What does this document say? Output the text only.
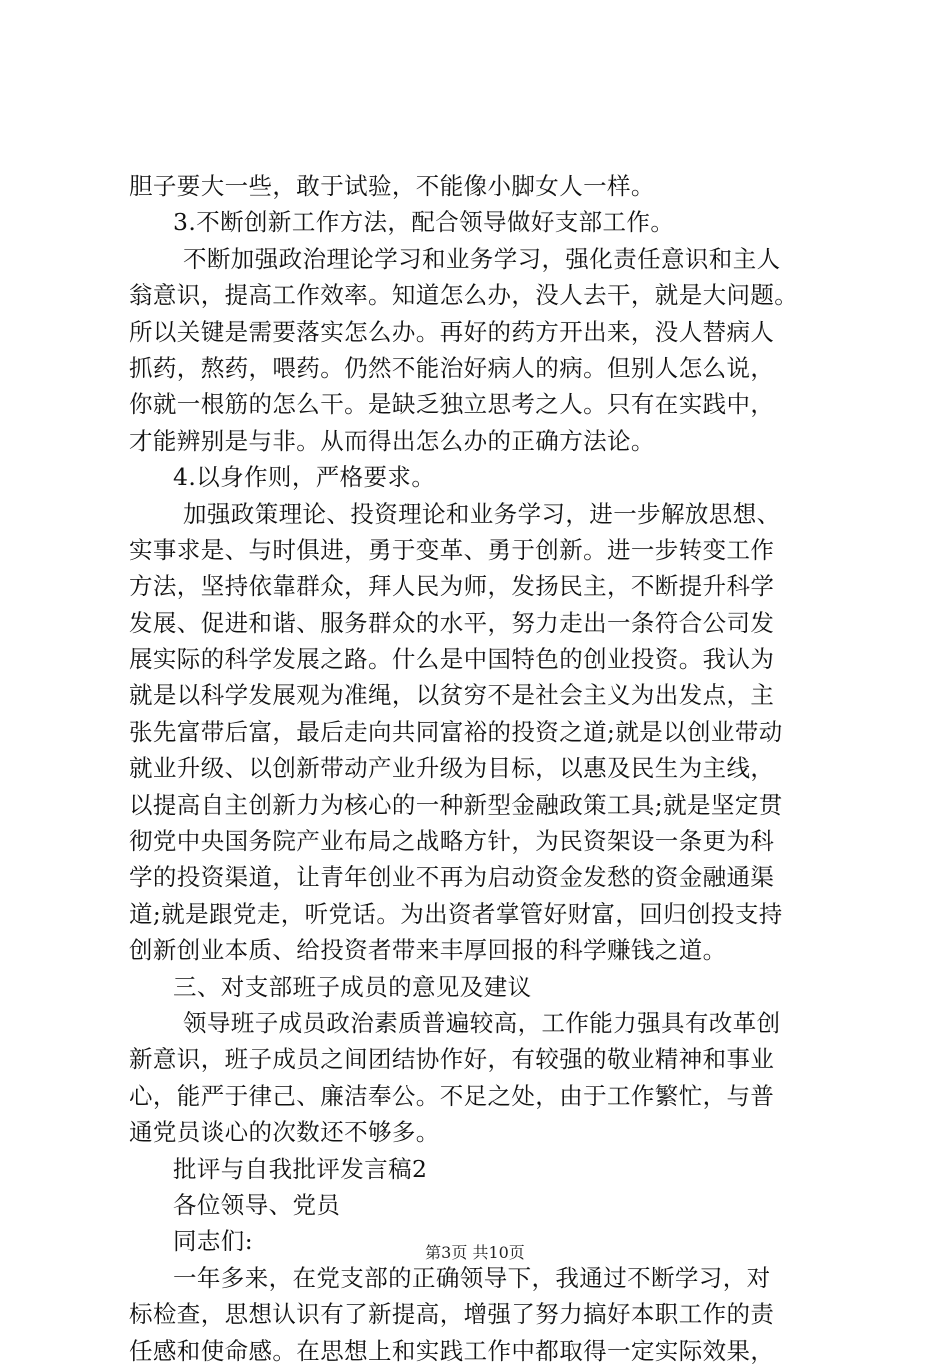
胆子要大一些，敢于试验，不能像小脚女人一样。
3.不断创新工作方法，配合领导做好支部工作。
不断加强政治理论学习和业务学习，强化责任意识和主人
翁意识，提高工作效率。知道怎么办，没人去干，就是大问题。
所以关键是需要落实怎么办。再好的药方开出来，没人替病人
抓药，熬药，喂药。仍然不能治好病人的病。但别人怎么说，
你就一根筋的怎么干。是缺乏独立思考之人。只有在实践中，
才能辨别是与非。从而得出怎么办的正确方法论。
4.以身作则，严格要求。
加强政策理论、投资理论和业务学习，进一步解放思想、
实事求是、与时俱进，勇于变革、勇于创新。进一步转变工作
方法，坚持依靠群众，拜人民为师，发扬民主，不断提升科学
发展、促进和谐、服务群众的水平，努力走出一条符合公司发
展实际的科学发展之路。什么是中国特色的创业投资。我认为
就是以科学发展观为准绳，以贫穷不是社会主义为出发点，主
张先富带后富，最后走向共同富裕的投资之道;就是以创业带动
就业升级、以创新带动产业升级为目标，以惠及民生为主线，
以提高自主创新力为核心的一种新型金融政策工具;就是坚定贯
彻党中央国务院产业布局之战略方针，为民资架设一条更为科
学的投资渠道，让青年创业不再为启动资金发愁的资金融通渠
道;就是跟党走，听党话。为出资者掌管好财富，回归创投支持
创新创业本质、给投资者带来丰厚回报的科学赚钱之道。
三、对支部班子成员的意见及建议
领导班子成员政治素质普遍较高，工作能力强具有改革创
新意识，班子成员之间团结协作好，有较强的敬业精神和事业
心，能严于律己、廉洁奉公。不足之处，由于工作繁忙，与普
通党员谈心的次数还不够多。
批评与自我批评发言稿2
各位领导、党员
同志们:
一年多来，在党支部的正确领导下，我通过不断学习，对
标检查，思想认识有了新提高，增强了努力搞好本职工作的责
任感和使命感。在思想上和实践工作中都取得一定实际效果，
第3页 共10页
